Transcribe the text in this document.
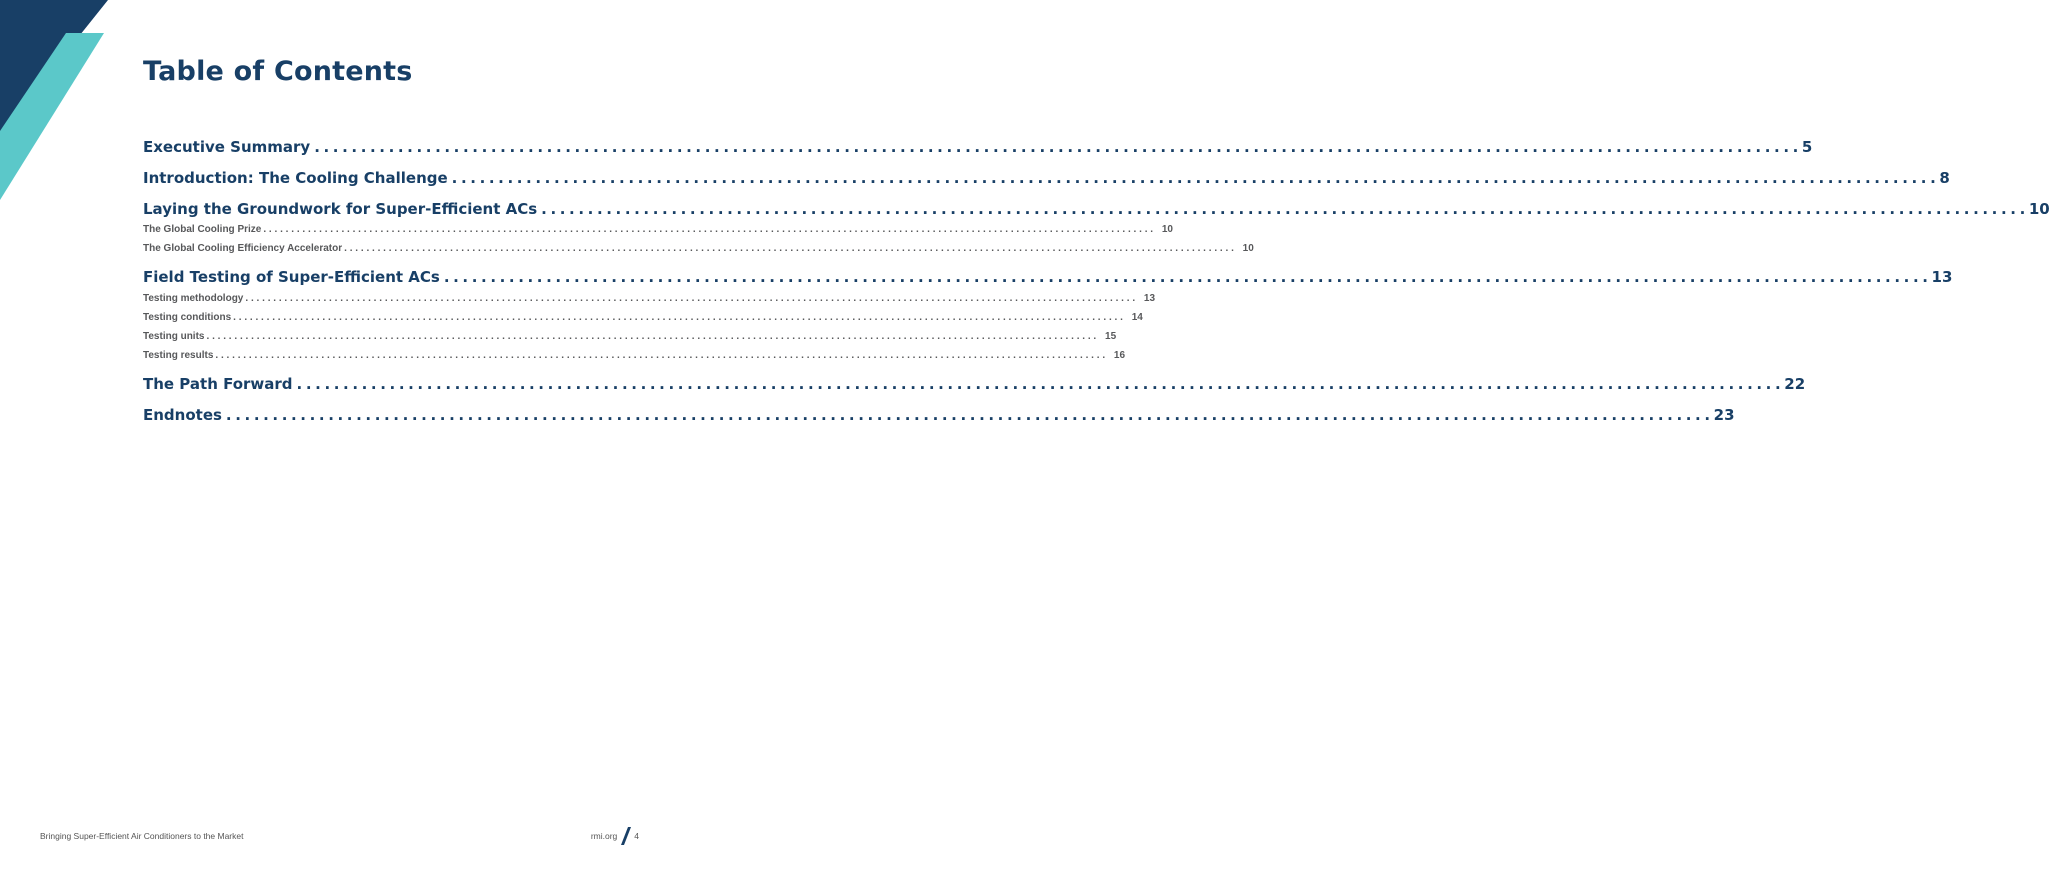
Table of Contents
Executive Summary ................................................................................................................................................................ 5
Introduction: The Cooling Challenge ................................................................................................................................................................ 8
Laying the Groundwork for Super-Efficient ACs ................................................................................................................................................................ 10
The Global Cooling Prize ................................................................................................................................................................ 10
The Global Cooling Efficiency Accelerator ................................................................................................................................................................ 10
Field Testing of Super-Efficient ACs ................................................................................................................................................................ 13
Testing methodology ................................................................................................................................................................ 13
Testing conditions ................................................................................................................................................................ 14
Testing units ................................................................................................................................................................ 15
Testing results ................................................................................................................................................................ 16
The Path Forward ................................................................................................................................................................ 22
Endnotes ................................................................................................................................................................ 23
Bringing Super-Efficient Air Conditioners to the Market	rmi.org 4
